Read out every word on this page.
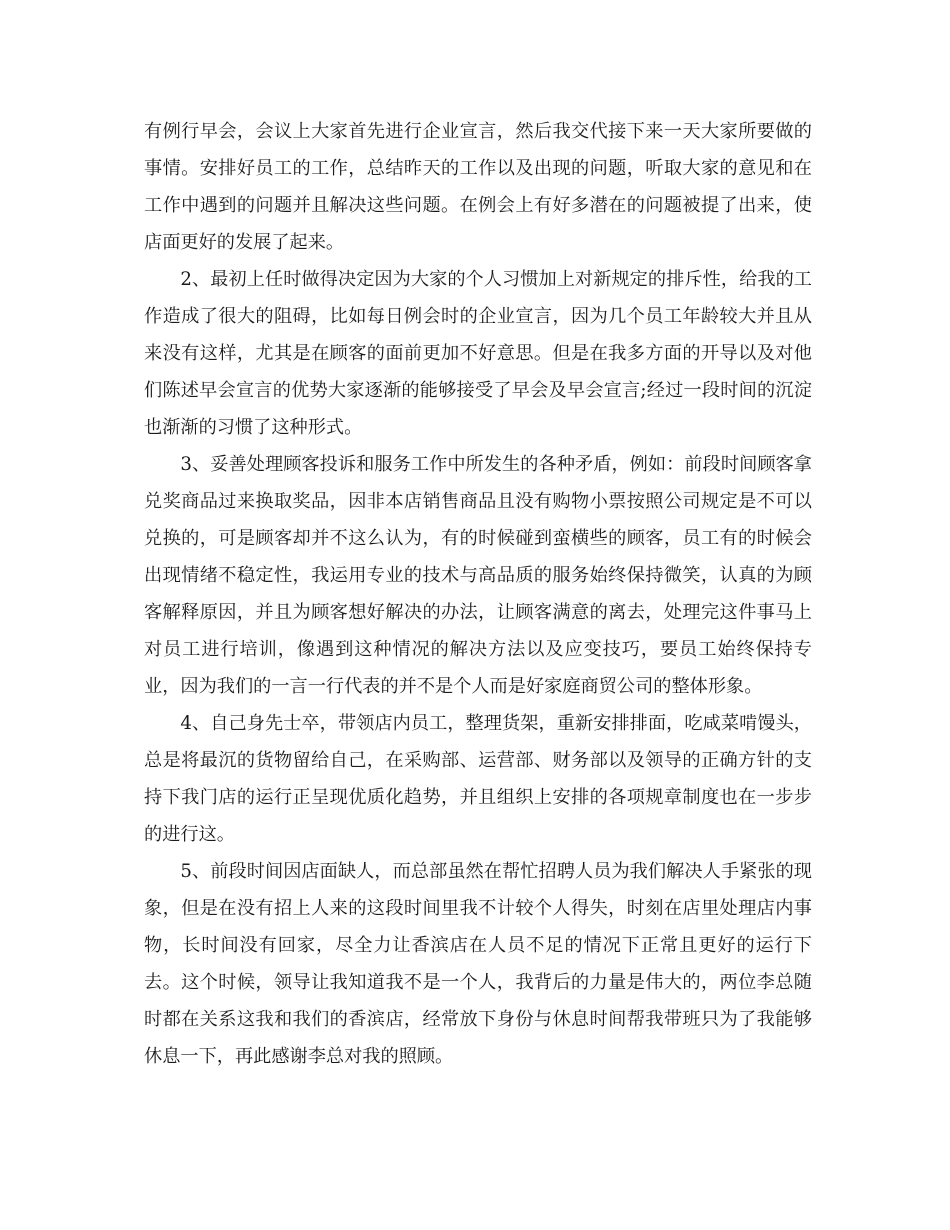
有例行早会，会议上大家首先进行企业宣言，然后我交代接下来一天大家所要做的事情。安排好员工的工作，总结昨天的工作以及出现的问题，听取大家的意见和在工作中遇到的问题并且解决这些问题。在例会上有好多潜在的问题被提了出来，使店面更好的发展了起来。

2、最初上任时做得决定因为大家的个人习惯加上对新规定的排斥性，给我的工作造成了很大的阻碍，比如每日例会时的企业宣言，因为几个员工年龄较大并且从来没有这样，尤其是在顾客的面前更加不好意思。但是在我多方面的开导以及对他们陈述早会宣言的优势大家逐渐的能够接受了早会及早会宣言;经过一段时间的沉淀也渐渐的习惯了这种形式。

3、妥善处理顾客投诉和服务工作中所发生的各种矛盾，例如：前段时间顾客拿兑奖商品过来换取奖品，因非本店销售商品且没有购物小票按照公司规定是不可以兑换的，可是顾客却并不这么认为，有的时候碰到蛮横些的顾客，员工有的时候会出现情绪不稳定性，我运用专业的技术与高品质的服务始终保持微笑，认真的为顾客解释原因，并且为顾客想好解决的办法，让顾客满意的离去，处理完这件事马上对员工进行培训，像遇到这种情况的解决方法以及应变技巧，要员工始终保持专业，因为我们的一言一行代表的并不是个人而是好家庭商贸公司的整体形象。

4、自己身先士卒，带领店内员工，整理货架，重新安排排面，吃咸菜啃馒头，总是将最沉的货物留给自己，在采购部、运营部、财务部以及领导的正确方针的支持下我门店的运行正呈现优质化趋势，并且组织上安排的各项规章制度也在一步步的进行这。

5、前段时间因店面缺人，而总部虽然在帮忙招聘人员为我们解决人手紧张的现象，但是在没有招上人来的这段时间里我不计较个人得失，时刻在店里处理店内事物，长时间没有回家，尽全力让香滨店在人员不足的情况下正常且更好的运行下去。这个时候，领导让我知道我不是一个人，我背后的力量是伟大的，两位李总随时都在关系这我和我们的香滨店，经常放下身份与休息时间帮我带班只为了我能够休息一下，再此感谢李总对我的照顾。
